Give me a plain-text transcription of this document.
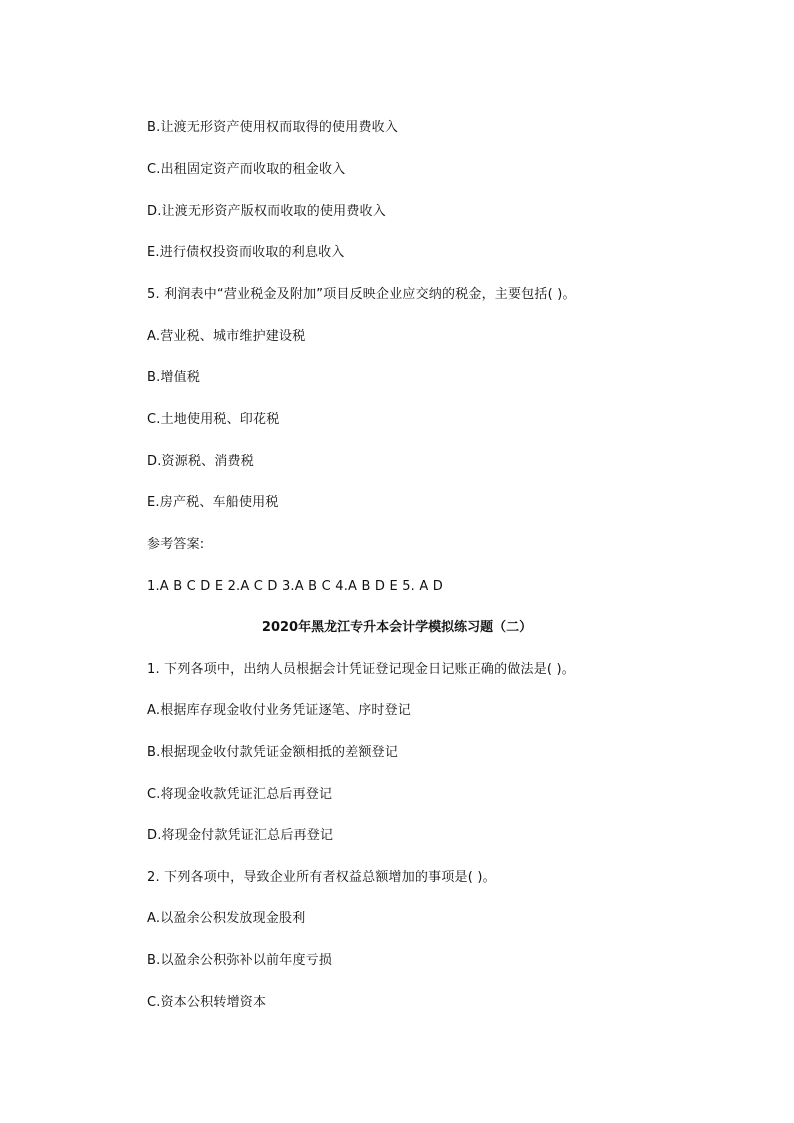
B.让渡无形资产使用权而取得的使用费收入
C.出租固定资产而收取的租金收入
D.让渡无形资产版权而收取的使用费收入
E.进行债权投资而收取的利息收入
5. 利润表中“营业税金及附加”项目反映企业应交纳的税金，主要包括( )。
A.营业税、城市维护建设税
B.增值税
C.土地使用税、印花税
D.资源税、消费税
E.房产税、车船使用税
参考答案:
1.A B C D E 2.A C D 3.A B C 4.A B D E 5. A D
2020年黑龙江专升本会计学模拟练习题（二）
1. 下列各项中，出纳人员根据会计凭证登记现金日记账正确的做法是( )。
A.根据库存现金收付业务凭证逐笔、序时登记
B.根据现金收付款凭证金额相抵的差额登记
C.将现金收款凭证汇总后再登记
D.将现金付款凭证汇总后再登记
2. 下列各项中，导致企业所有者权益总额增加的事项是( )。
A.以盈余公积发放现金股利
B.以盈余公积弥补以前年度亏损
C.资本公积转增资本
